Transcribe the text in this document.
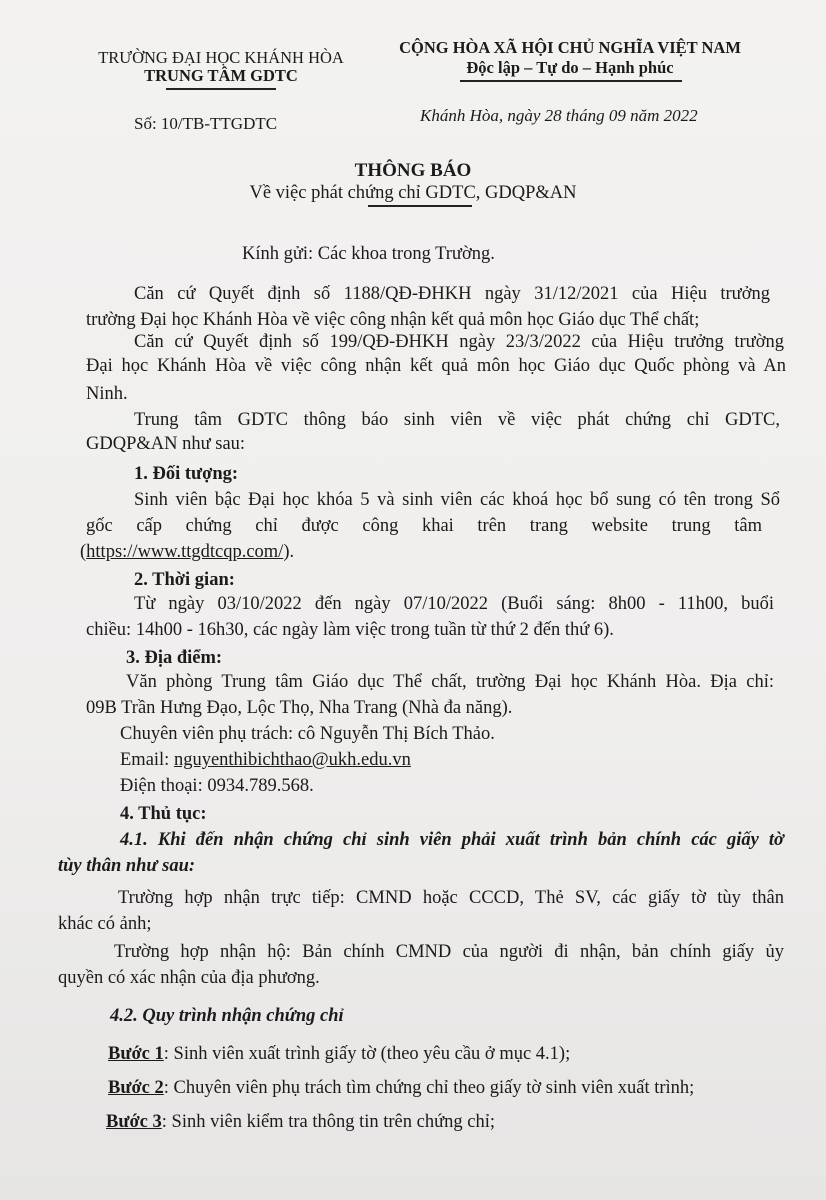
TRƯỜNG ĐẠI HỌC KHÁNH HÒA
TRUNG TÂM GDTC
CỘNG HÒA XÃ HỘI CHỦ NGHĨA VIỆT NAM
Độc lập – Tự do – Hạnh phúc
Số: 10/TB-TTGDTC	Khánh Hòa, ngày 28 tháng 09 năm 2022
THÔNG BÁO
Về việc phát chứng chỉ GDTC, GDQP&AN
Kính gửi: Các khoa trong Trường.
Căn cứ Quyết định số 1188/QĐ-ĐHKH ngày 31/12/2021 của Hiệu trưởng
trường Đại học Khánh Hòa về việc công nhận kết quả môn học Giáo dục Thể chất;
Căn cứ Quyết định số 199/QĐ-ĐHKH ngày 23/3/2022 của Hiệu trưởng trường
Đại học Khánh Hòa về việc công nhận kết quả môn học Giáo dục Quốc phòng và An
Ninh.
Trung tâm GDTC thông báo sinh viên về việc phát chứng chỉ GDTC,
GDQP&AN như sau:
1. Đối tượng:
Sinh viên bậc Đại học khóa 5 và sinh viên các khoá học bổ sung có tên trong Sổ
gốc cấp chứng chỉ được công khai trên trang website trung tâm
(https://www.ttgdtcqp.com/).
2. Thời gian:
Từ ngày 03/10/2022 đến ngày 07/10/2022 (Buổi sáng: 8h00 - 11h00, buổi
chiều: 14h00 - 16h30, các ngày làm việc trong tuần từ thứ 2 đến thứ 6).
3. Địa điểm:
Văn phòng Trung tâm Giáo dục Thể chất, trường Đại học Khánh Hòa. Địa chỉ:
09B Trần Hưng Đạo, Lộc Thọ, Nha Trang (Nhà đa năng).
Chuyên viên phụ trách: cô Nguyễn Thị Bích Thảo.
Email: nguyenthibichthao@ukh.edu.vn
Điện thoại: 0934.789.568.
4. Thủ tục:
4.1. Khi đến nhận chứng chỉ sinh viên phải xuất trình bản chính các giấy tờ
tùy thân như sau:
Trường hợp nhận trực tiếp: CMND hoặc CCCD, Thẻ SV, các giấy tờ tùy thân
khác có ảnh;
Trường hợp nhận hộ: Bản chính CMND của người đi nhận, bản chính giấy ủy
quyền có xác nhận của địa phương.
4.2. Quy trình nhận chứng chỉ
Bước 1: Sinh viên xuất trình giấy tờ (theo yêu cầu ở mục 4.1);
Bước 2: Chuyên viên phụ trách tìm chứng chỉ theo giấy tờ sinh viên xuất trình;
Bước 3: Sinh viên kiểm tra thông tin trên chứng chỉ;
